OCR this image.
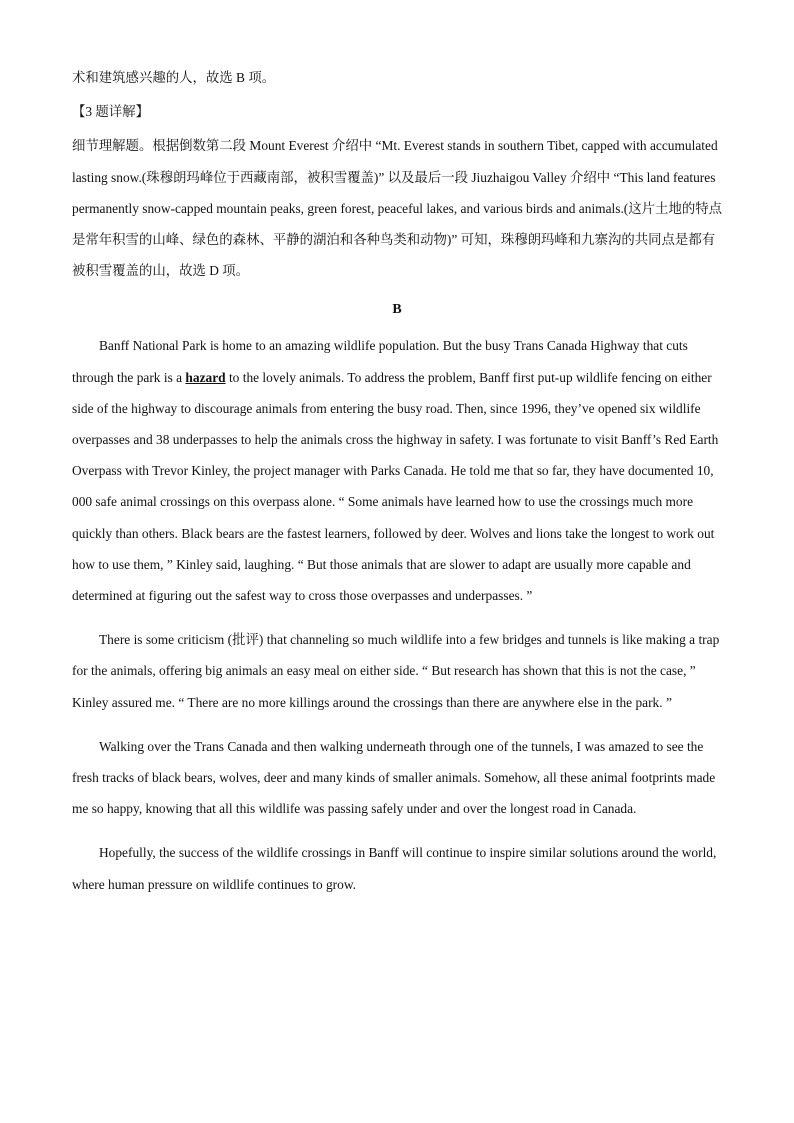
术和建筑感兴趣的人，故选 B 项。

【3 题详解】

细节理解题。根据倒数第二段 Mount Everest 介绍中 “Mt. Everest stands in southern Tibet, capped with accumulated lasting snow.(珠穆朗玛峰位于西藏南部，被积雪覆盖)” 以及最后一段 Jiuzhaigou Valley 介绍中 “This land features permanently snow-capped mountain peaks, green forest, peaceful lakes, and various birds and animals.(这片土地的特点是常年积雪的山峰、绿色的森林、平静的湖泊和各种鸟类和动物)” 可知，珠穆朗玛峰和九寨沟的共同点是都有被积雪覆盖的山，故选 D 项。

B

Banff National Park is home to an amazing wildlife population. But the busy Trans Canada Highway that cuts through the park is a hazard to the lovely animals. To address the problem, Banff first put-up wildlife fencing on either side of the highway to discourage animals from entering the busy road. Then, since 1996, they’ve opened six wildlife overpasses and 38 underpasses to help the animals cross the highway in safety. I was fortunate to visit Banff’s Red Earth Overpass with Trevor Kinley, the project manager with Parks Canada. He told me that so far, they have documented 10, 000 safe animal crossings on this overpass alone. “ Some animals have learned how to use the crossings much more quickly than others. Black bears are the fastest learners, followed by deer. Wolves and lions take the longest to work out how to use them, ” Kinley said, laughing. “ But those animals that are slower to adapt are usually more capable and determined at figuring out the safest way to cross those overpasses and underpasses. ”

There is some criticism (批评) that channeling so much wildlife into a few bridges and tunnels is like making a trap for the animals, offering big animals an easy meal on either side. “ But research has shown that this is not the case, ” Kinley assured me. “ There are no more killings around the crossings than there are anywhere else in the park. ”

Walking over the Trans Canada and then walking underneath through one of the tunnels, I was amazed to see the fresh tracks of black bears, wolves, deer and many kinds of smaller animals. Somehow, all these animal footprints made me so happy, knowing that all this wildlife was passing safely under and over the longest road in Canada.

Hopefully, the success of the wildlife crossings in Banff will continue to inspire similar solutions around the world, where human pressure on wildlife continues to grow.
